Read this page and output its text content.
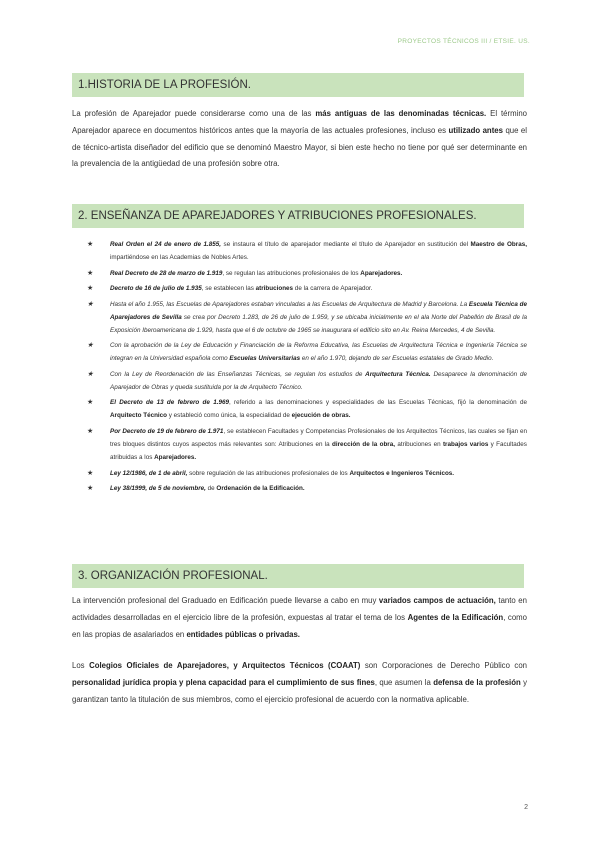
PROYECTOS TÉCNICOS III / ETSIE. US.
1.HISTORIA DE LA PROFESIÓN.

La profesión de Aparejador puede considerarse como una de las más antiguas de las denominadas técnicas. El término Aparejador aparece en documentos históricos antes que la mayoría de las actuales profesiones, incluso es utilizado antes que el de técnico-artista diseñador del edificio que se denominó Maestro Mayor, si bien este hecho no tiene por qué ser determinante en la prevalencia de la antigüedad de una profesión sobre otra.

2. ENSEÑANZA DE APAREJADORES Y ATRIBUCIONES PROFESIONALES.
★	Real Orden el 24 de enero de 1.855, se instaura el título de aparejador mediante el título de Aparejador en sustitución del Maestro de Obras, impartiéndose en las Academias de Nobles Artes.
★	Real Decreto de 28 de marzo de 1.919, se regulan las atribuciones profesionales de los Aparejadores.
★	Decreto de 16 de julio de 1.935, se establecen las atribuciones de la carrera de Aparejador.
★	Hasta el año 1.955, las Escuelas de Aparejadores estaban vinculadas a las Escuelas de Arquitectura de Madrid y Barcelona. La Escuela Técnica de Aparejadores de Sevilla se crea por Decreto 1.283, de 26 de julio de 1.959, y se ubicaba inicialmente en el ala Norte del Pabellón de Brasil de la Exposición Iberoamericana de 1.929, hasta que el 6 de octubre de 1965 se inaugurara el edificio sito en Av. Reina Mercedes, 4 de Sevilla.
★	Con la aprobación de la Ley de Educación y Financiación de la Reforma Educativa, las Escuelas de Arquitectura Técnica e Ingeniería Técnica se integran en la Universidad española como Escuelas Universitarias en el año 1.970, dejando de ser Escuelas estatales de Grado Medio.
★	Con la Ley de Reordenación de las Enseñanzas Técnicas, se regulan los estudios de Arquitectura Técnica. Desaparece la denominación de Aparejador de Obras y queda sustituida por la de Arquitecto Técnico.
★	El Decreto de 13 de febrero de 1.969, referido a las denominaciones y especialidades de las Escuelas Técnicas, fijó la denominación de Arquitecto Técnico y estableció como única, la especialidad de ejecución de obras.
★	Por Decreto de 19 de febrero de 1.971, se establecen Facultades y Competencias Profesionales de los Arquitectos Técnicos, las cuales se fijan en tres bloques distintos cuyos aspectos más relevantes son: Atribuciones en la dirección de la obra, atribuciones en trabajos varios y Facultades atribuidas a los Aparejadores.
★	Ley 12/1986, de 1 de abril, sobre regulación de las atribuciones profesionales de los Arquitectos e Ingenieros Técnicos.
★	Ley 38/1999, de 5 de noviembre, de Ordenación de la Edificación.
3. ORGANIZACIÓN PROFESIONAL.

La intervención profesional del Graduado en Edificación puede llevarse a cabo en muy variados campos de actuación, tanto en actividades desarrolladas en el ejercicio libre de la profesión, expuestas al tratar el tema de los Agentes de la Edificación, como en las propias de asalariados en entidades públicas o privadas.

Los Colegios Oficiales de Aparejadores, y Arquitectos Técnicos (COAAT) son Corporaciones de Derecho Público con personalidad jurídica propia y plena capacidad para el cumplimiento de sus fines, que asumen la defensa de la profesión y garantizan tanto la titulación de sus miembros, como el ejercicio profesional de acuerdo con la normativa aplicable.

2
